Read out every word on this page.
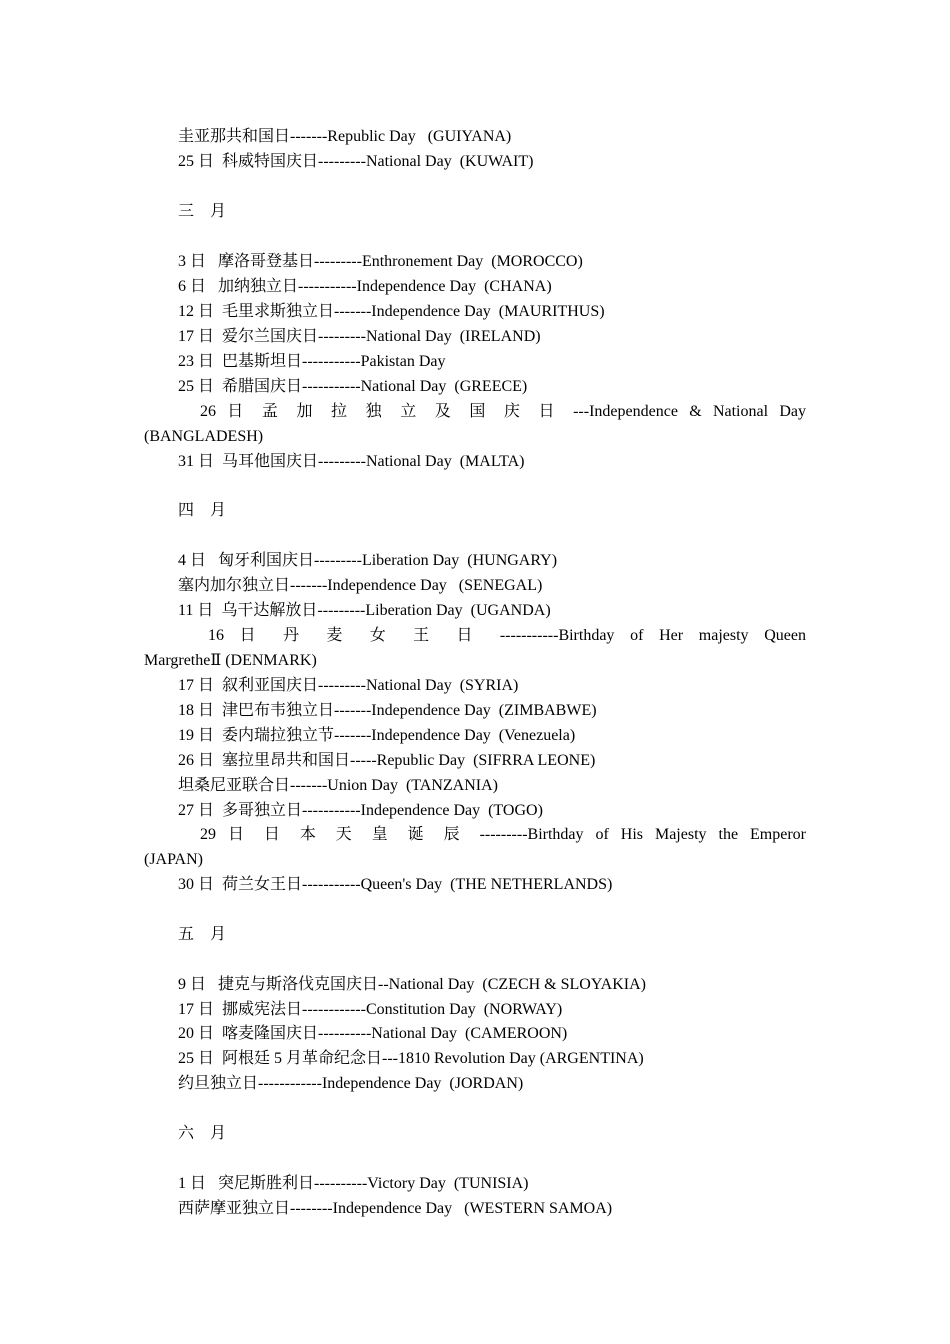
圭亚那共和国日-------Republic Day   (GUIYANA)
25 日  科威特国庆日---------National Day  (KUWAIT)
三 月
3 日   摩洛哥登基日---------Enthronement Day  (MOROCCO)
6 日   加纳独立日-----------Independence Day  (CHANA)
12 日  毛里求斯独立日-------Independence Day  (MAURITHUS)
17 日  爱尔兰国庆日---------National Day  (IRELAND)
23 日  巴基斯坦日-----------Pakistan Day
25 日  希腊国庆日-----------National Day  (GREECE)
26 日 孟 加 拉 独 立 及 国 庆 日 ---Independence & National Day
(BANGLADESH)
31 日  马耳他国庆日---------National Day  (MALTA)
四 月
4 日   匈牙利国庆日---------Liberation Day  (HUNGARY)
塞内加尔独立日-------Independence Day   (SENEGAL)
11 日  乌干达解放日---------Liberation Day  (UGANDA)
16 日 丹 麦 女 王 日 -----------Birthday of Her majesty Queen
MargretheⅡ (DENMARK)
17 日  叙利亚国庆日---------National Day  (SYRIA)
18 日  津巴布韦独立日-------Independence Day  (ZIMBABWE)
19 日  委内瑞拉独立节-------Independence Day  (Venezuela)
26 日  塞拉里昂共和国日-----Republic Day  (SIFRRA LEONE)
坦桑尼亚联合日-------Union Day  (TANZANIA)
27 日  多哥独立日-----------Independence Day  (TOGO)
29 日 日 本 天 皇 诞 辰 ---------Birthday of His Majesty the Emperor
(JAPAN)
30 日  荷兰女王日-----------Queen's Day  (THE NETHERLANDS)
五 月
9 日   捷克与斯洛伐克国庆日--National Day  (CZECH & SLOYAKIA)
17 日  挪威宪法日------------Constitution Day  (NORWAY)
20 日  喀麦隆国庆日----------National Day  (CAMEROON)
25 日  阿根廷 5 月革命纪念日---1810 Revolution Day (ARGENTINA)
约旦独立日------------Independence Day  (JORDAN)
六 月
1 日   突尼斯胜利日----------Victory Day  (TUNISIA)
西萨摩亚独立日--------Independence Day   (WESTERN SAMOA)
